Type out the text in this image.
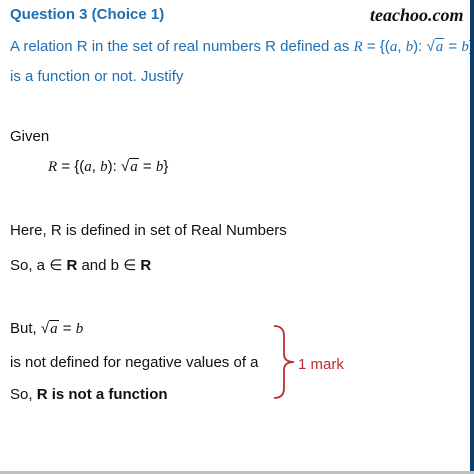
Question 3 (Choice 1)	teachoo.com
A relation R in the set of real numbers R defined as R = {(a, b): √a = b
is a function or not. Justify
Given
R = {(a, b): √a = b}
Here, R is defined in set of Real Numbers
So, a ∈ R and b ∈ R
But, √a = b
is not defined for negative values of a
So, R is not a function
1 mark
